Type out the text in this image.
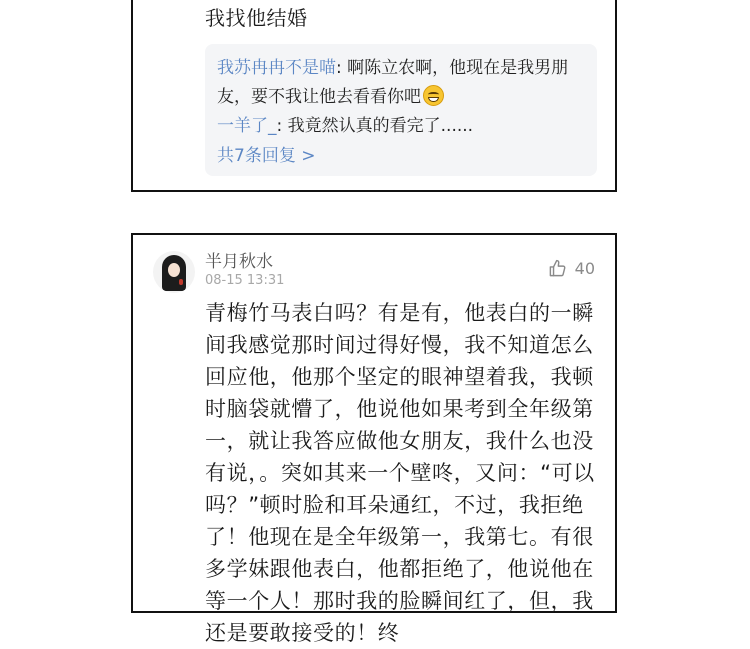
我找他结婚

我苏冉冉不是喵: 啊陈立农啊，他现在是我男朋友，要不我让他去看看你吧

一羊了_: 我竟然认真的看完了......

共7条回复 >
半月秋水
08-15 13:31
40

青梅竹马表白吗？有是有，他表白的一瞬间我感觉那时间过得好慢，我不知道怎么回应他，他那个坚定的眼神望着我，我顿时脑袋就懵了，他说他如果考到全年级第一，就让我答应做他女朋友，我什么也没有说，。突如其来一个壁咚，又问：“可以吗？”顿时脸和耳朵通红，不过，我拒绝了！他现在是全年级第一，我第七。有很多学妹跟他表白，他都拒绝了，他说他在等一个人！那时我的脸瞬间红了，但，我还是要敢接受的！终
